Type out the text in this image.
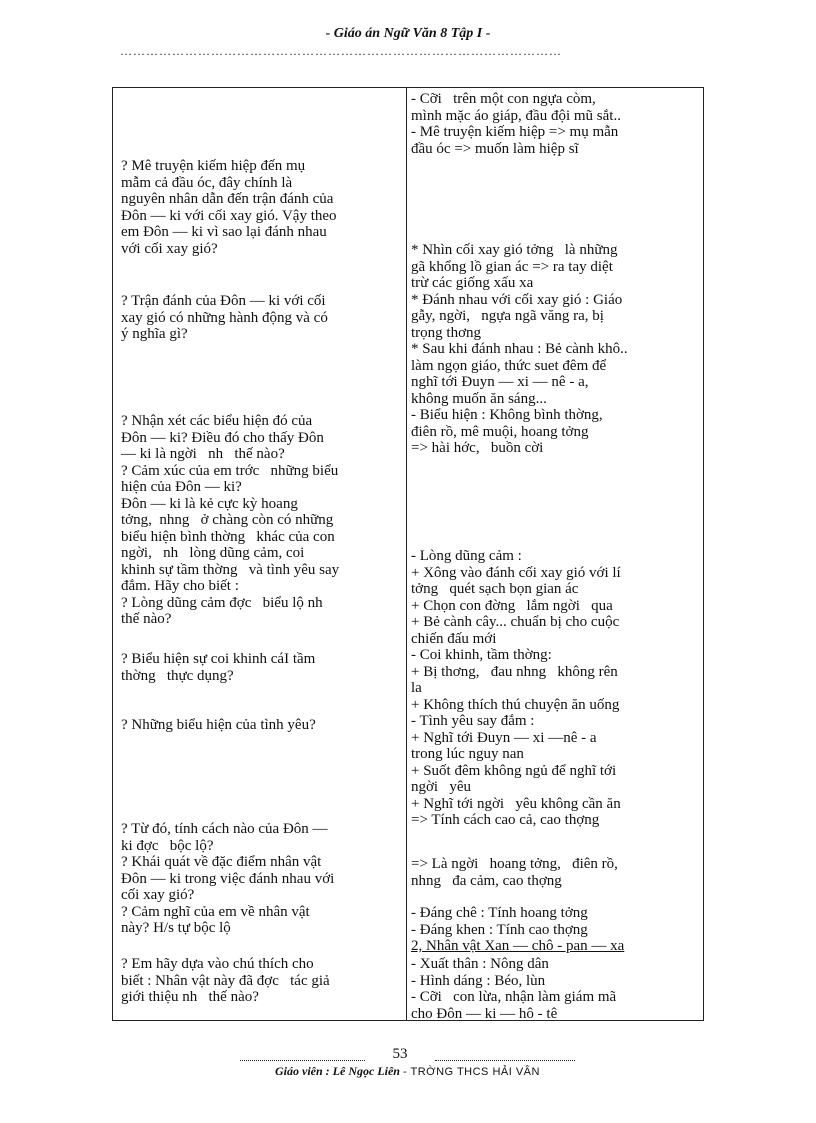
- Giáo án Ngữ Văn 8 Tập I -
…………………………………………………………………………………………
? Mê truyện kiếm hiệp đến mụ
mẫm cả đầu óc, đây chính là
nguyên nhân dẫn đến trận đánh của
Đôn — ki với cối xay gió. Vậy theo
em Đôn — ki vì sao lại đánh nhau
với cối xay gió?
? Trận đánh của Đôn — ki với cối
xay gió có những hành động và có
ý nghĩa gì?
? Nhận xét các biểu hiện đó của
Đôn — ki? Điều đó cho thấy Đôn
— ki là ngời   nh   thế nào?
? Cảm xúc của em trớc   những biểu
hiện của Đôn — ki?
Đôn — ki là kẻ cực kỳ hoang
tởng,  nhng   ở chàng còn có những
biểu hiện bình thờng   khác của con
ngời,   nh   lòng dũng cảm, coi
khinh sự tầm thờng   và tình yêu say
đắm. Hãy cho biết :
? Lòng dũng cảm đợc   biểu lộ nh
thế nào?
? Biểu hiện sự coi khinh cáI tầm
thờng   thực dụng?
? Những biểu hiện của tình yêu?
? Từ đó, tính cách nào của Đôn —
ki đợc   bộc lộ?
? Khái quát về đặc điểm nhân vật
Đôn — ki trong việc đánh nhau với
cối xay gió?
? Cảm nghĩ của em về nhân vật
này? H/s tự bộc lộ
? Em hãy dựa vào chú thích cho
biết : Nhân vật này đã đợc   tác giả
giới thiệu nh   thế nào?
- Cỡi   trên một con ngựa còm,
mình mặc áo giáp, đầu đội mũ sắt..
- Mê truyện kiếm hiệp => mụ mẫn
đầu óc => muốn làm hiệp sĩ
* Nhìn cối xay gió tởng   là những
gã khổng lồ gian ác => ra tay diệt
trừ các giống xấu xa
* Đánh nhau với cối xay gió : Giáo
gẫy, ngời,   ngựa ngã văng ra, bị
trọng thơng
* Sau khi đánh nhau : Bẻ cành khô..
làm ngọn giáo, thức suet đêm để
nghĩ tới Đuyn — xi — nê - a,
không muốn ăn sáng...
- Biểu hiện : Không bình thờng,
điên rồ, mê muội, hoang tởng
=> hài hớc,   buồn cời
- Lòng dũng cảm :
+ Xông vào đánh cối xay gió với lí
tởng   quét sạch bọn gian ác
+ Chọn con đờng   lắm ngời   qua
+ Bẻ cành cây... chuẩn bị cho cuộc
chiến đấu mới
- Coi khinh, tầm thờng:
+ Bị thơng,   đau nhng   không rên
la
+ Không thích thú chuyện ăn uống
- Tình yêu say đắm :
+ Nghĩ tới Đuyn — xi —nê - a
trong lúc nguy nan
+ Suốt đêm không ngủ để nghĩ tới
ngời   yêu
+ Nghĩ tới ngời   yêu không cần ăn
=> Tính cách cao cả, cao thợng
=> Là ngời   hoang tởng,   điên rồ,
nhng   đa cảm, cao thợng
- Đáng chê : Tính hoang tởng
- Đáng khen : Tính cao thợng
2, Nhân vật Xan — chô - pan — xa
- Xuất thân : Nông dân
- Hình dáng : Béo, lùn
- Cỡi   con lừa, nhận làm giám mã
cho Đôn — ki — hô - tê
53
Giáo viên : Lê Ngọc Liên - TRỜNG THCS HẢI VÂN
